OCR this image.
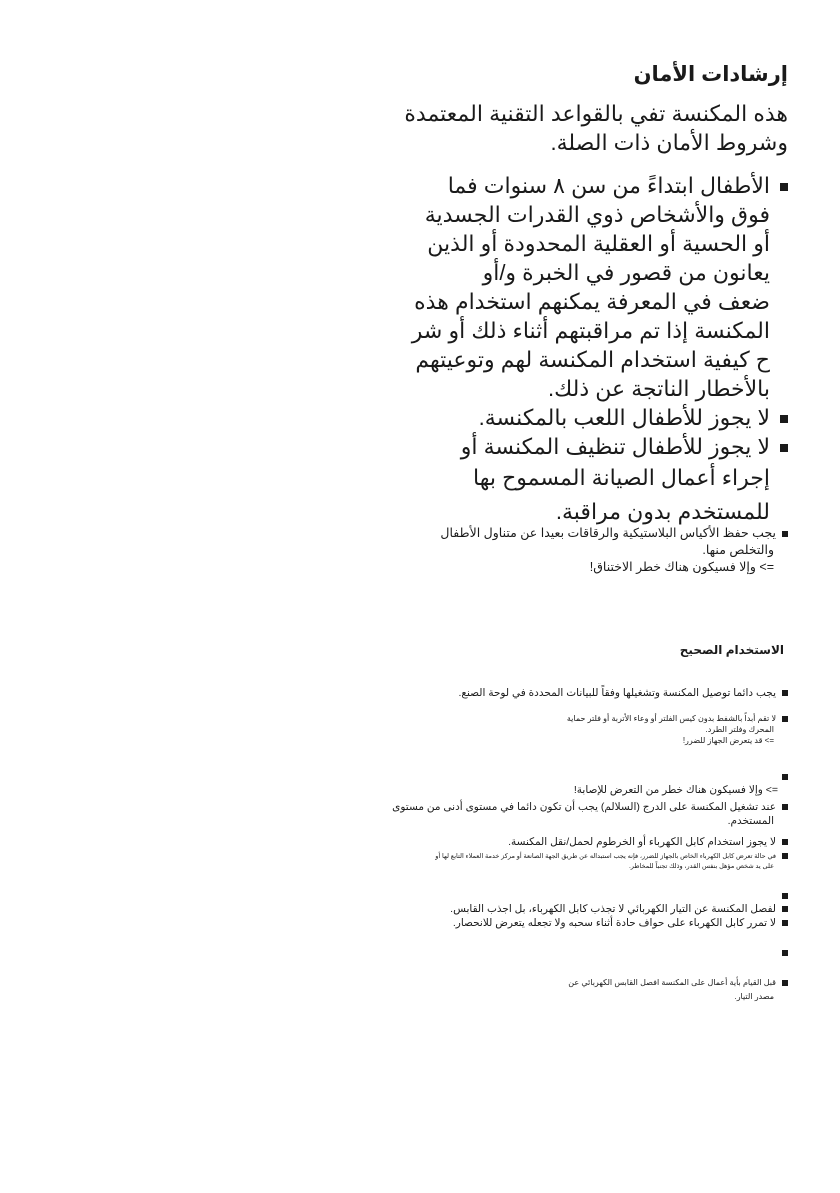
إرشادات الأمان
هذه المكنسة تفي بالقواعد التقنية المعتمدة
وشروط الأمان ذات الصلة.
الأطفال ابتداءً من سن ٨ سنوات فما
فوق والأشخاص ذوي القدرات الجسدية
أو الحسية أو العقلية المحدودة أو الذين
يعانون من قصور في الخبرة و/أو
ضعف في المعرفة يمكنهم استخدام هذه
المكنسة إذا تم مراقبتهم أثناء ذلك أو شر
ح كيفية استخدام المكنسة لهم وتوعيتهم
بالأخطار الناتجة عن ذلك.
لا يجوز للأطفال اللعب بالمكنسة.
لا يجوز للأطفال تنظيف المكنسة أو
إجراء أعمال الصيانة المسموح بها
للمستخدم بدون مراقبة.
يجب حفظ الأكياس البلاستيكية والرقاقات بعيدا عن متناول الأطفال
والتخلص منها.
=> وإلا فسيكون هناك خطر الاختناق!
الاستخدام الصحيح
يجب دائما توصيل المكنسة وتشغيلها وفقاً للبيانات المحددة في لوحة الصنع.
لا تقم أبداً بالشفط بدون كيس الفلتر أو وعاء الأتربة أو فلتر حماية
المحرك وفلتر الطرد.
=> قد يتعرض الجهاز للضرر!
=> وإلا فسيكون هناك خطر من التعرض للإصابة!
عند تشغيل المكنسة على الدرج (السلالم) يجب أن تكون دائما في مستوى أدنى من مستوى
المستخدم.
لا يجوز استخدام كابل الكهرباء أو الخرطوم لحمل/نقل المكنسة.
في حالة تعرض كابل الكهرباء الخاص بالجهاز للضرر، فإنه يجب استبداله عن طريق الجهة الصانعة أو مركز خدمة العملاء التابع لها أو
على يد شخص مؤهل بنفس القدر، وذلك تجنباً للمخاطر.
لفصل المكنسة عن التيار الكهربائي لا تجذب كابل الكهرباء، بل اجذب القابس.
لا تمرر كابل الكهرباء على حواف حادة أثناء سحبه ولا تجعله يتعرض للانحصار.
قبل القيام بأية أعمال على المكنسة افصل القابس الكهربائي عن
مصدر التيار.
